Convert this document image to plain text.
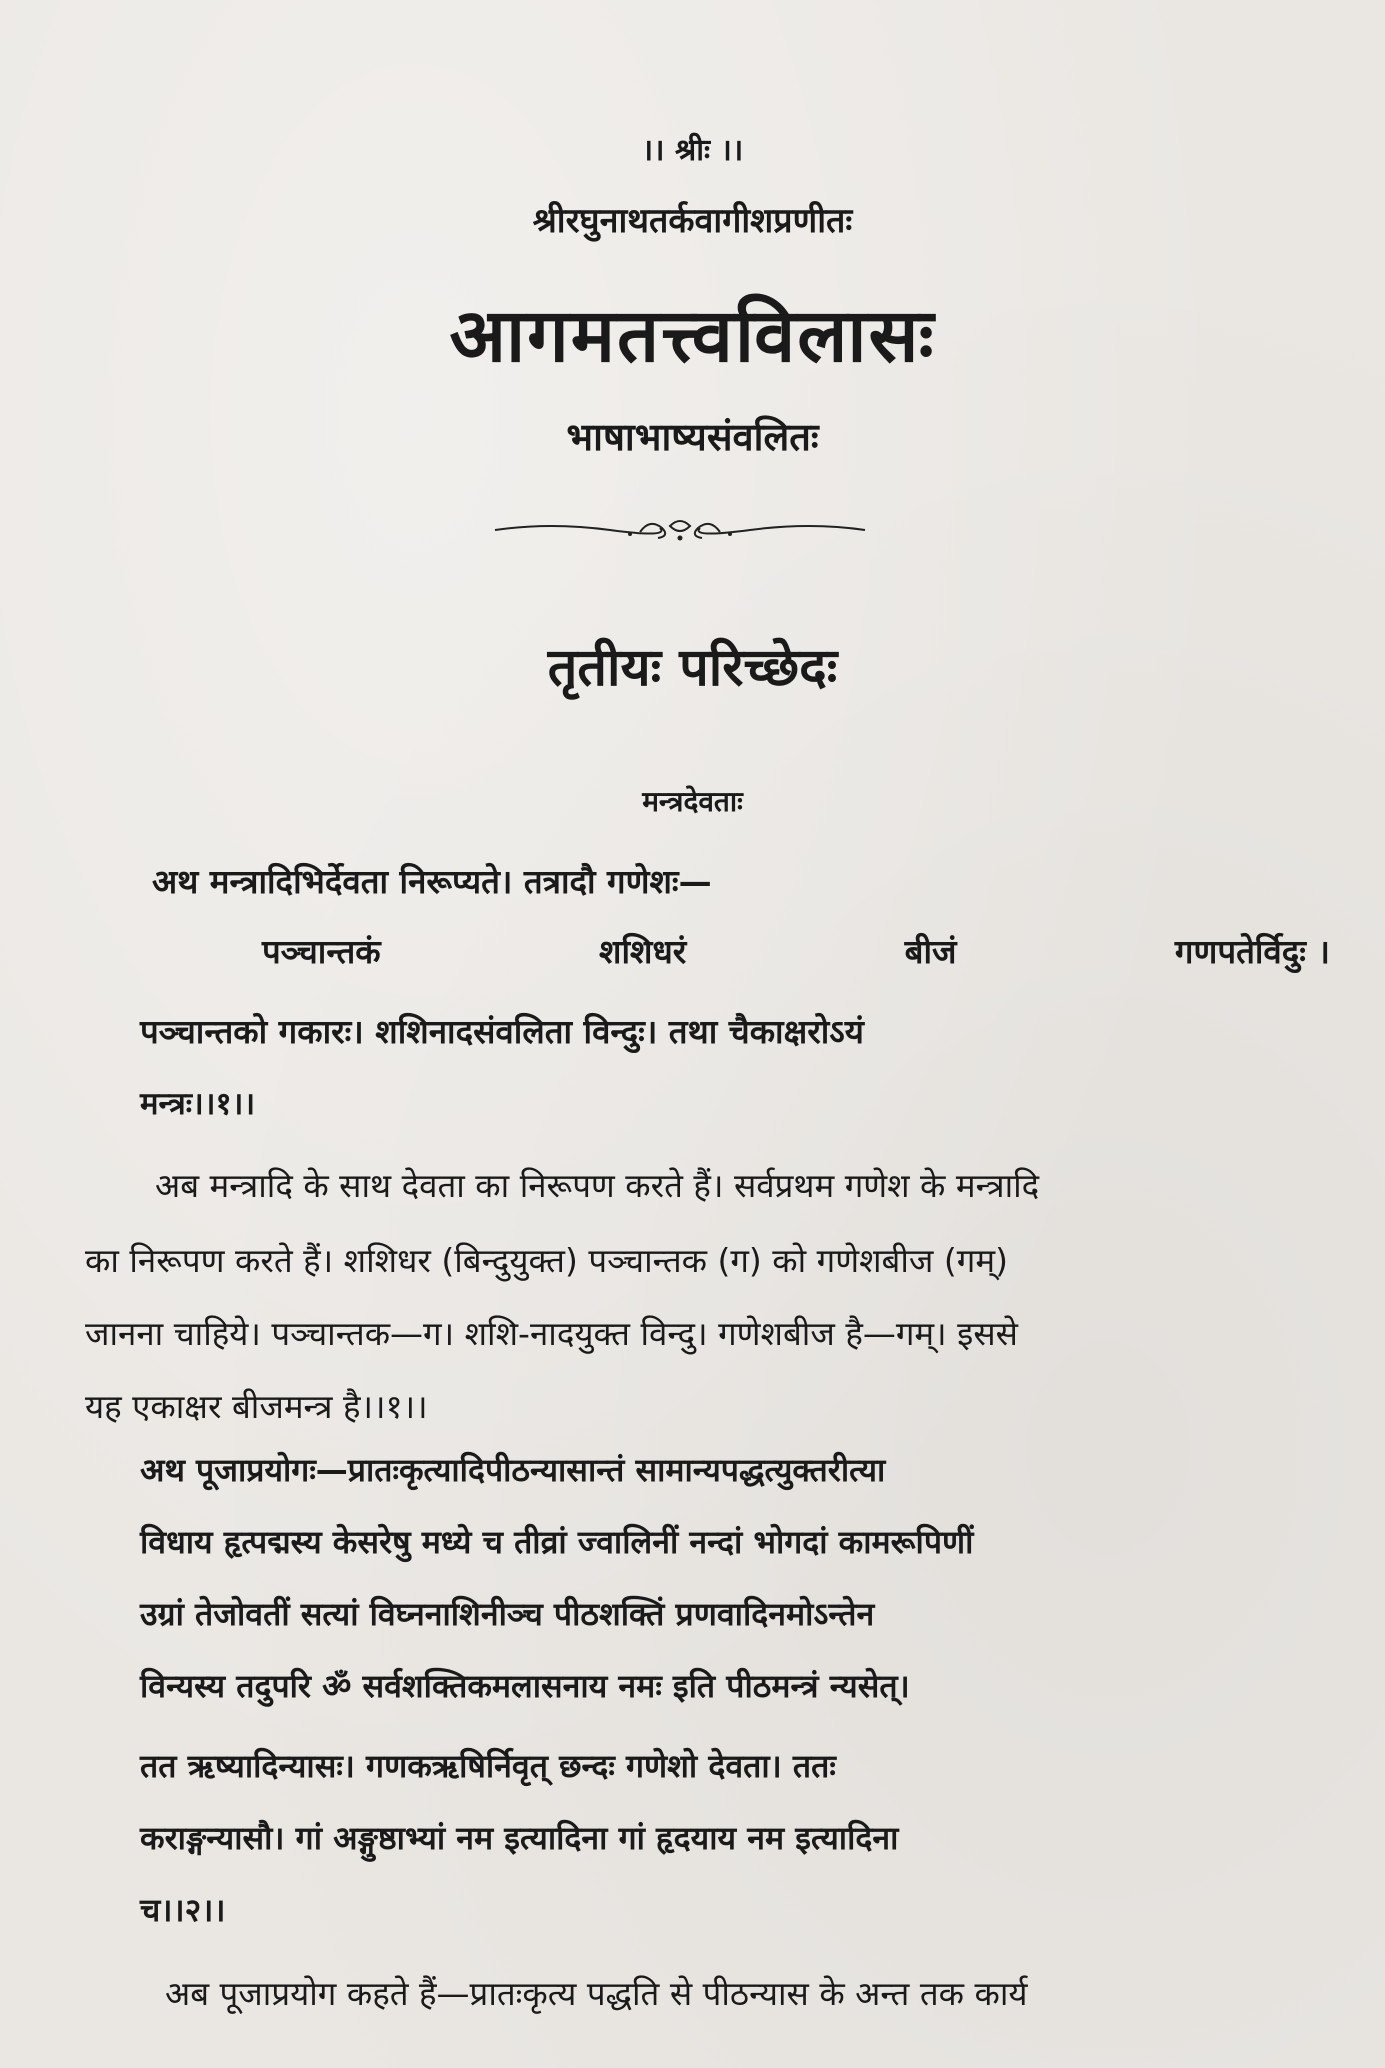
।। श्रीः ।।
श्रीरघुनाथतर्कवागीशप्रणीतः
आगमतत्त्वविलासः
भाषाभाष्यसंवलितः
तृतीयः परिच्छेदः
मन्त्रदेवताः
अथ मन्त्रादिभिर्देवता निरूप्यते। तत्रादौ गणेशः—
पञ्चान्तकं	शशिधरं	बीजं	गणपतेर्विदुः ।
पञ्चान्तको गकारः। शशिनादसंवलिता विन्दुः। तथा चैकाक्षरोऽयं
मन्त्रः।।१।।
अब मन्त्रादि के साथ देवता का निरूपण करते हैं। सर्वप्रथम गणेश के मन्त्रादि
का निरूपण करते हैं। शशिधर (बिन्दुयुक्त) पञ्चान्तक (ग) को गणेशबीज (गम्)
जानना चाहिये। पञ्चान्तक—ग। शशि-नादयुक्त विन्दु। गणेशबीज है—गम्। इससे
यह एकाक्षर बीजमन्त्र है।।१।।
अथ पूजाप्रयोगः—प्रातःकृत्यादिपीठन्यासान्तं सामान्यपद्धत्युक्तरीत्या
विधाय हृत्पद्मस्य केसरेषु मध्ये च तीव्रां ज्वालिनीं नन्दां भोगदां कामरूपिणीं
उग्रां तेजोवतीं सत्यां विघ्ननाशिनीञ्च पीठशक्तिं प्रणवादिनमोऽन्तेन
विन्यस्य तदुपरि ॐ सर्वशक्तिकमलासनाय नमः इति पीठमन्त्रं न्यसेत्।
तत ऋष्यादिन्यासः। गणकऋषिर्निवृत् छन्दः गणेशो देवता। ततः
कराङ्गन्यासौ। गां अङ्गुष्ठाभ्यां नम इत्यादिना गां हृदयाय नम इत्यादिना
च।।२।।
अब पूजाप्रयोग कहते हैं—प्रातःकृत्य पद्धति से पीठन्यास के अन्त तक कार्य
